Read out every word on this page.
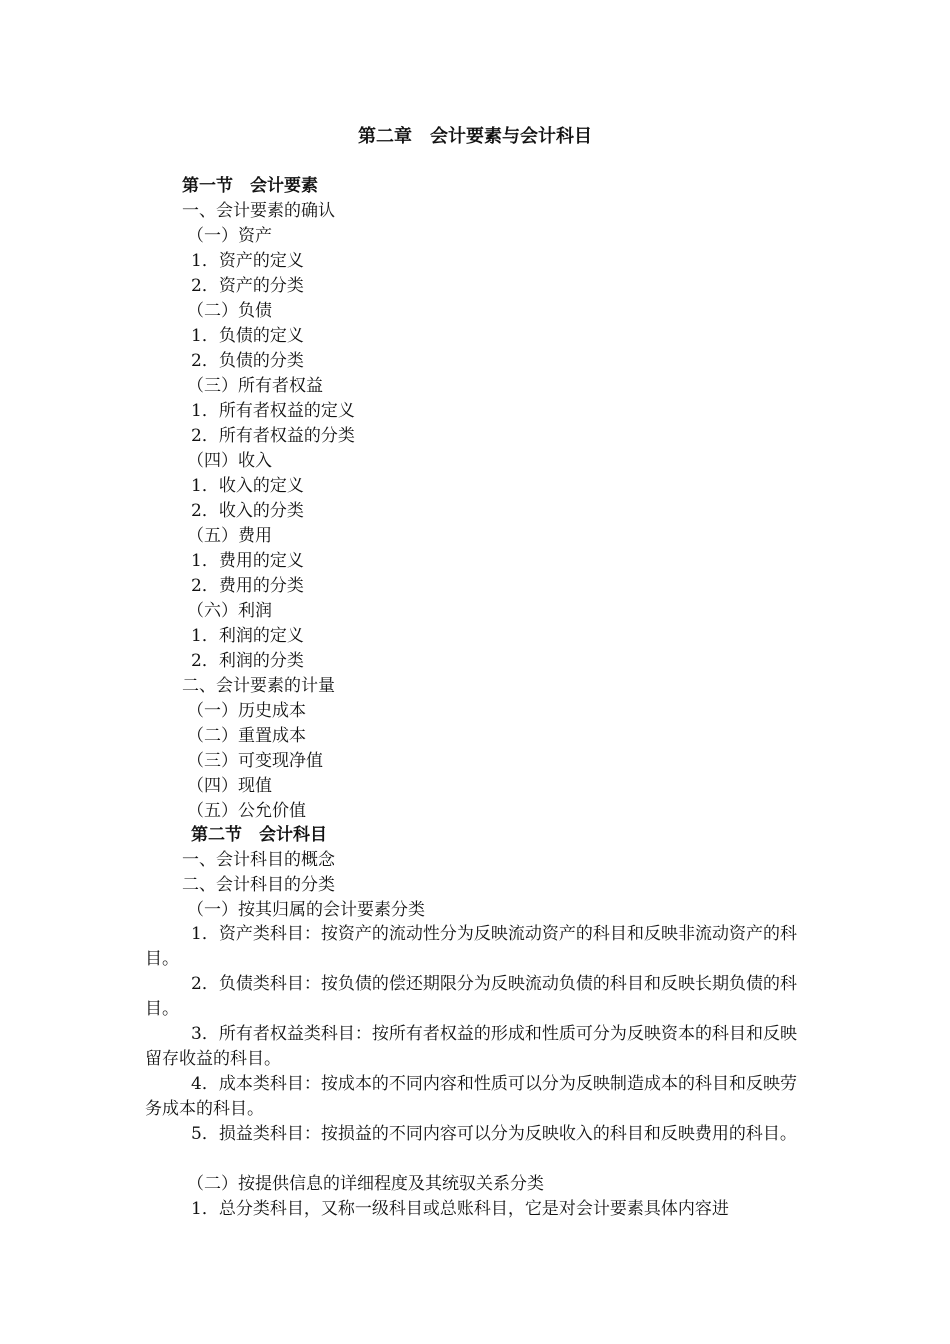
第二章　会计要素与会计科目
第一节　会计要素
一、会计要素的确认
（一）资产
1．资产的定义
2．资产的分类
（二）负债
1．负债的定义
2．负债的分类
（三）所有者权益
1．所有者权益的定义
2．所有者权益的分类
（四）收入
1．收入的定义
2．收入的分类
（五）费用
1．费用的定义
2．费用的分类
（六）利润
1．利润的定义
2．利润的分类
二、会计要素的计量
（一）历史成本
（二）重置成本
（三）可变现净值
（四）现值
（五）公允价值
第二节　会计科目
一、会计科目的概念
二、会计科目的分类
（一）按其归属的会计要素分类
1．资产类科目：按资产的流动性分为反映流动资产的科目和反映非流动资产的科目。
2．负债类科目：按负债的偿还期限分为反映流动负债的科目和反映长期负债的科目。
3．所有者权益类科目：按所有者权益的形成和性质可分为反映资本的科目和反映留存收益的科目。
4．成本类科目：按成本的不同内容和性质可以分为反映制造成本的科目和反映劳务成本的科目。
5．损益类科目：按损益的不同内容可以分为反映收入的科目和反映费用的科目。
（二）按提供信息的详细程度及其统驭关系分类
1．总分类科目，又称一级科目或总账科目，它是对会计要素具体内容进
